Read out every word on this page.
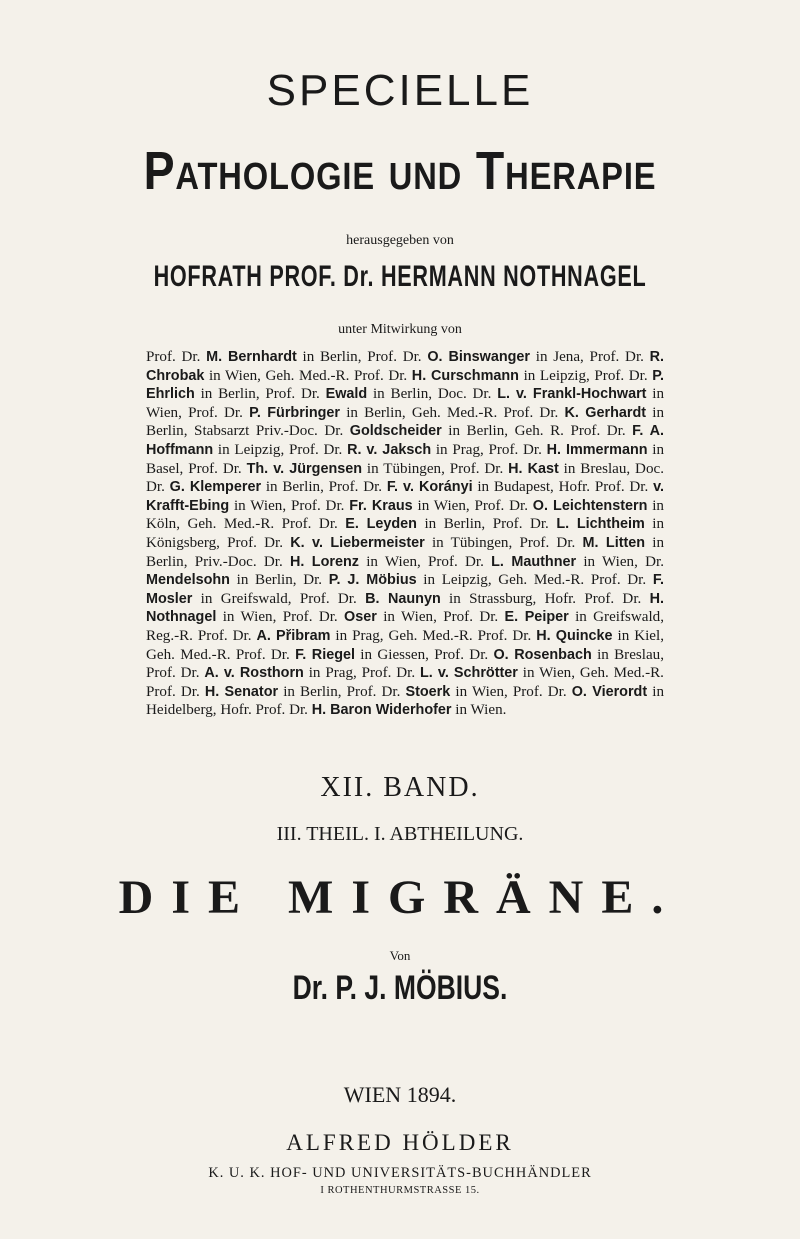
SPECIELLE
Pathologie und Therapie
herausgegeben von
HOFRATH PROF. Dr. HERMANN NOTHNAGEL
unter Mitwirkung von
Prof. Dr. M. Bernhardt in Berlin, Prof. Dr. O. Binswanger in Jena, Prof. Dr. R. Chrobak in Wien, Geh. Med.-R. Prof. Dr. H. Curschmann in Leipzig, Prof. Dr. P. Ehrlich in Berlin, Prof. Dr. Ewald in Berlin, Doc. Dr. L. v. Frankl-Hochwart in Wien, Prof. Dr. P. Fürbringer in Berlin, Geh. Med.-R. Prof. Dr. K. Gerhardt in Berlin, Stabsarzt Priv.-Doc. Dr. Goldscheider in Berlin, Geh. R. Prof. Dr. F. A. Hoffmann in Leipzig, Prof. Dr. R. v. Jaksch in Prag, Prof. Dr. H. Immermann in Basel, Prof. Dr. Th. v. Jürgensen in Tübingen, Prof. Dr. H. Kast in Breslau, Doc. Dr. G. Klemperer in Berlin, Prof. Dr. F. v. Korányi in Budapest, Hofr. Prof. Dr. v. Krafft-Ebing in Wien, Prof. Dr. Fr. Kraus in Wien, Prof. Dr. O. Leichtenstern in Köln, Geh. Med.-R. Prof. Dr. E. Leyden in Berlin, Prof. Dr. L. Lichtheim in Königsberg, Prof. Dr. K. v. Liebermeister in Tübingen, Prof. Dr. M. Litten in Berlin, Priv.-Doc. Dr. H. Lorenz in Wien, Prof. Dr. L. Mauthner in Wien, Dr. Mendelsohn in Berlin, Dr. P. J. Möbius in Leipzig, Geh. Med.-R. Prof. Dr. F. Mosler in Greifswald, Prof. Dr. B. Naunyn in Strassburg, Hofr. Prof. Dr. H. Nothnagel in Wien, Prof. Dr. Oser in Wien, Prof. Dr. E. Peiper in Greifswald, Reg.-R. Prof. Dr. A. Přibram in Prag, Geh. Med.-R. Prof. Dr. H. Quincke in Kiel, Geh. Med.-R. Prof. Dr. F. Riegel in Giessen, Prof. Dr. O. Rosenbach in Breslau, Prof. Dr. A. v. Rosthorn in Prag, Prof. Dr. L. v. Schrötter in Wien, Geh. Med.-R. Prof. Dr. H. Senator in Berlin, Prof. Dr. Stoerk in Wien, Prof. Dr. O. Vierordt in Heidelberg, Hofr. Prof. Dr. H. Baron Widerhofer in Wien.
XII. BAND.
III. THEIL. I. ABTHEILUNG.
DIE MIGRÄNE.
Von
Dr. P. J. MÖBIUS.
WIEN 1894.
ALFRED HÖLDER
K. U. K. HOF- UND UNIVERSITÄTS-BUCHHÄNDLER
I ROTHENTHURMSTRASSE 15.
